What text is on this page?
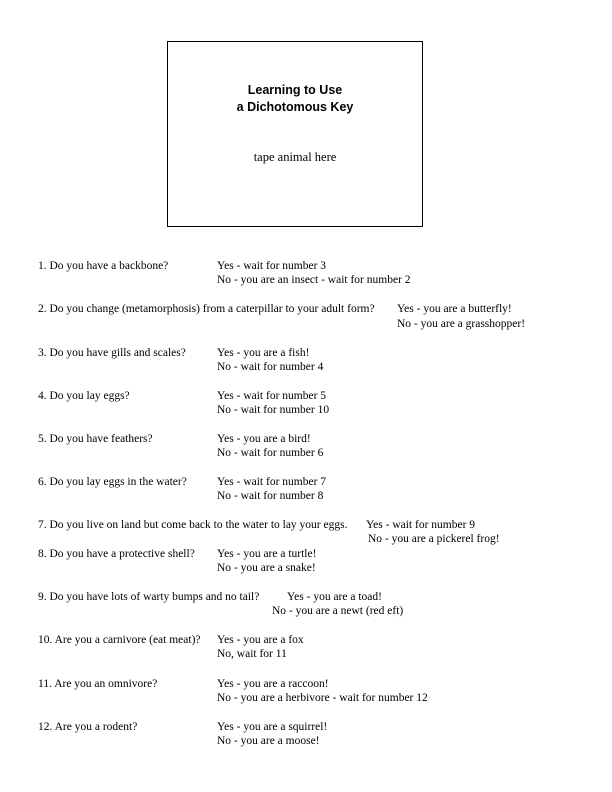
Learning to Use
a Dichotomous Key
tape animal here
1. Do you have a backbone?	Yes - wait for number 3
No - you are an insect - wait for number 2
2. Do you change (metamorphosis) from a caterpillar to your adult form? Yes - you are a butterfly!
No - you are a grasshopper!
3. Do you have gills and scales?	Yes - you are a fish!
No - wait for number 4
4. Do you lay eggs?	Yes - wait for number 5
No - wait for number 10
5. Do you have feathers?	Yes - you are a bird!
No - wait for number 6
6. Do you lay eggs in the water?	Yes - wait for number 7
No - wait for number 8
7. Do you live on land but come back to the water to lay your eggs. Yes - wait for number 9
No - you are a pickerel frog!
8. Do you have a protective shell? Yes - you are a turtle!
No - you are a snake!
9. Do you have lots of warty bumps and no tail? Yes - you are a toad!
No - you are a newt (red eft)
10. Are you a carnivore (eat meat)? Yes - you are a fox
No, wait for 11
11. Are you an omnivore?	Yes - you are a raccoon!
No - you are a herbivore - wait for number 12
12. Are you a rodent?	Yes - you are a squirrel!
No - you are a moose!
